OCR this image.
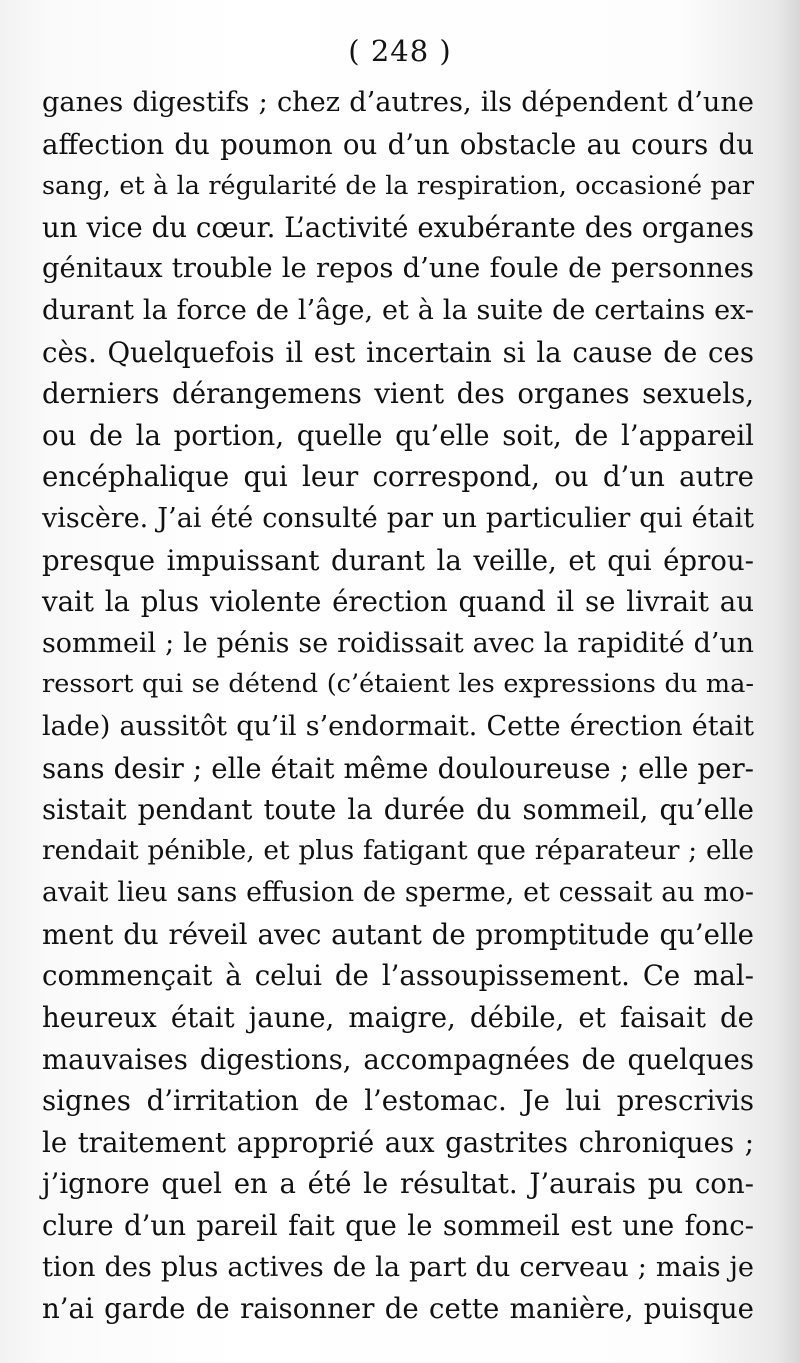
( 248 )
ganes digestifs ; chez d’autres, ils dépendent d’une
affection du poumon ou d’un obstacle au cours du
sang, et à la régularité de la respiration, occasioné par
un vice du cœur. L’activité exubérante des organes
génitaux trouble le repos d’une foule de personnes
durant la force de l’âge, et à la suite de certains ex-
cès. Quelquefois il est incertain si la cause de ces
derniers dérangemens vient des organes sexuels,
ou de la portion, quelle qu’elle soit, de l’appareil
encéphalique qui leur correspond, ou d’un autre
viscère. J’ai été consulté par un particulier qui était
presque impuissant durant la veille, et qui éprou-
vait la plus violente érection quand il se livrait au
sommeil ; le pénis se roidissait avec la rapidité d’un
ressort qui se détend (c’étaient les expressions du ma-
lade) aussitôt qu’il s’endormait. Cette érection était
sans desir ; elle était même douloureuse ; elle per-
sistait pendant toute la durée du sommeil, qu’elle
rendait pénible, et plus fatigant que réparateur ; elle
avait lieu sans effusion de sperme, et cessait au mo-
ment du réveil avec autant de promptitude qu’elle
commençait à celui de l’assoupissement. Ce mal-
heureux était jaune, maigre, débile, et faisait de
mauvaises digestions, accompagnées de quelques
signes d’irritation de l’estomac. Je lui prescrivis
le traitement approprié aux gastrites chroniques ;
j’ignore quel en a été le résultat. J’aurais pu con-
clure d’un pareil fait que le sommeil est une fonc-
tion des plus actives de la part du cerveau ; mais je
n’ai garde de raisonner de cette manière, puisque
